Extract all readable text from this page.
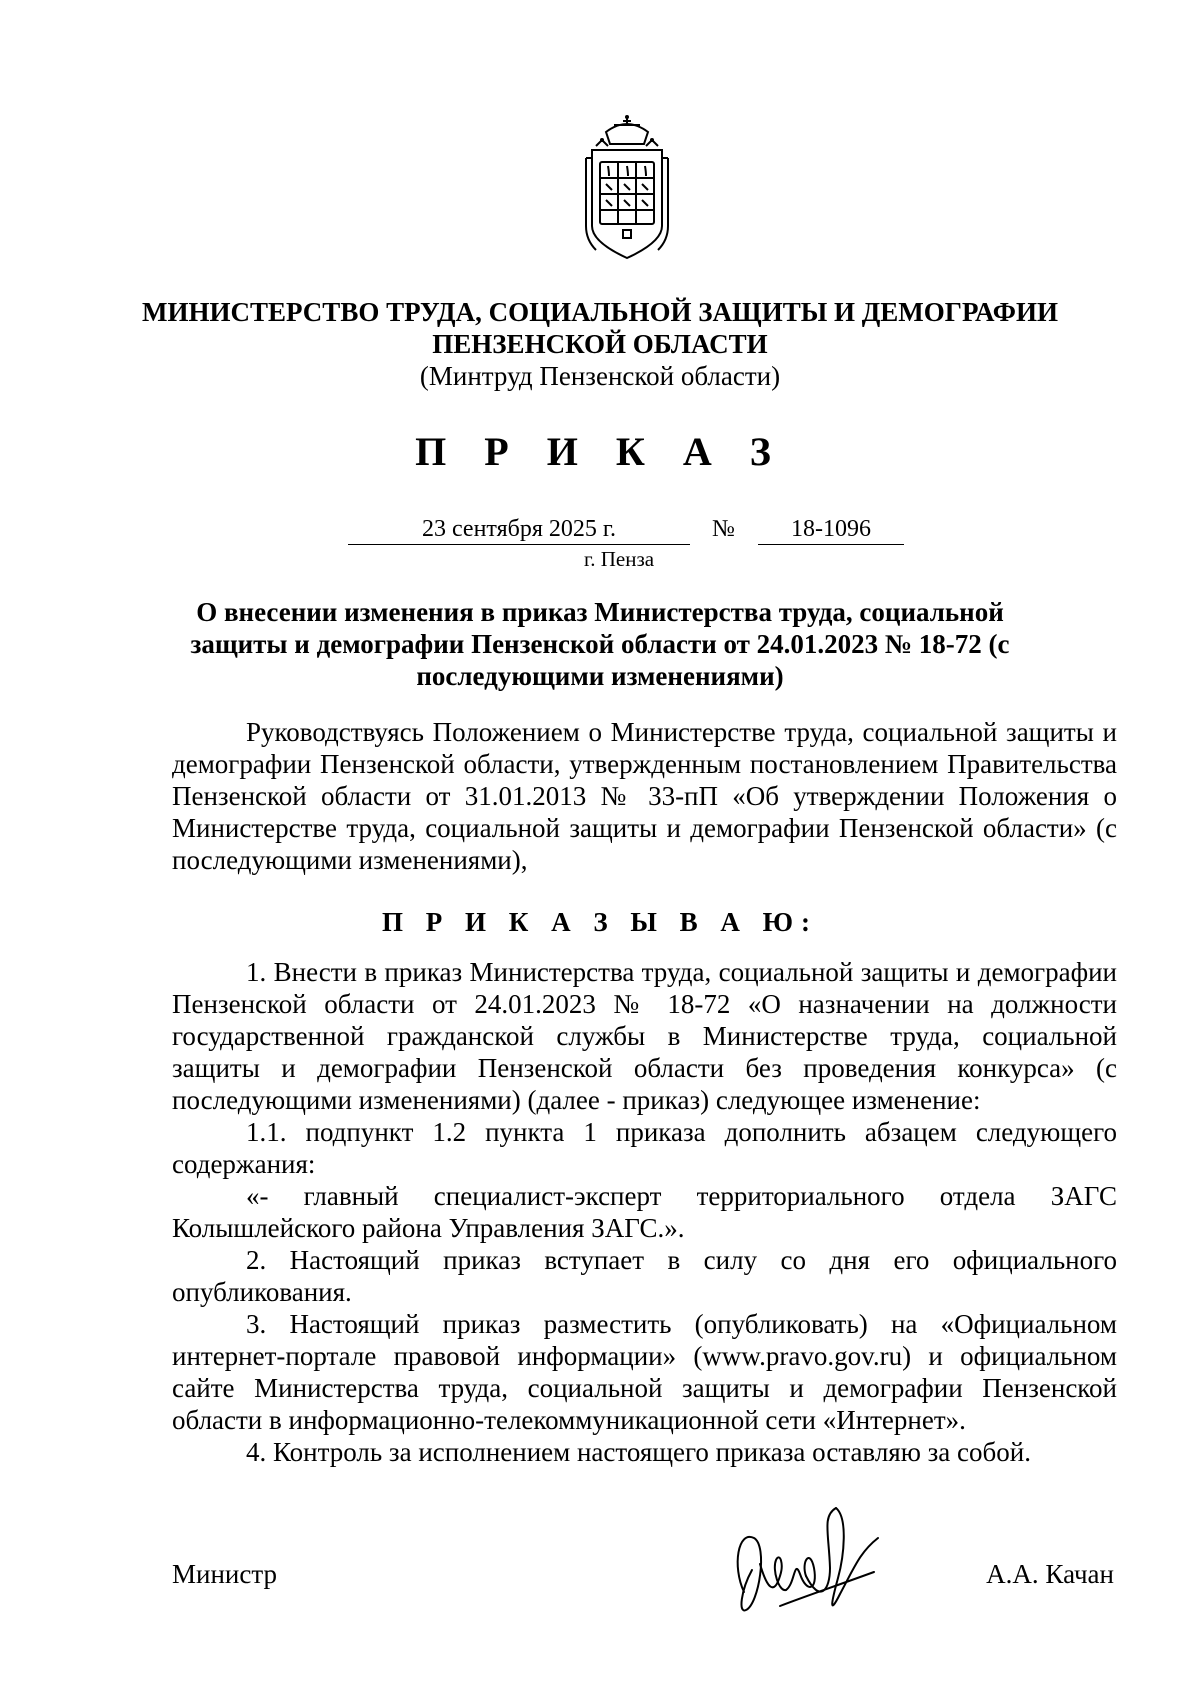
МИНИСТЕРСТВО ТРУДА, СОЦИАЛЬНОЙ ЗАЩИТЫ И ДЕМОГРАФИИ
ПЕНЗЕНСКОЙ ОБЛАСТИ
(Минтруд Пензенской области)
П Р И К А З
23 сентября 2025 г.	№	18-1096
г. Пенза
О внесении изменения в приказ Министерства труда, социальной защиты и демографии Пензенской области от 24.01.2023 № 18-72 (с последующими изменениями)
Руководствуясь Положением о Министерстве труда, социальной защиты и демографии Пензенской области, утвержденным постановлением Правительства Пензенской области от 31.01.2013 № 33-пП «Об утверждении Положения о Министерстве труда, социальной защиты и демографии Пензенской области» (с последующими изменениями),
П Р И К А З Ы В А Ю:

1. Внести в приказ Министерства труда, социальной защиты и демографии Пензенской области от 24.01.2023 № 18-72 «О назначении на должности государственной гражданской службы в Министерстве труда, социальной защиты и демографии Пензенской области без проведения конкурса» (с последующими изменениями) (далее - приказ) следующее изменение:

1.1. подпункт 1.2 пункта 1 приказа дополнить абзацем следующего содержания:

«- главный специалист-эксперт территориального отдела ЗАГС Колышлейского района Управления ЗАГС.».

2. Настоящий приказ вступает в силу со дня его официального опубликования.

3. Настоящий приказ разместить (опубликовать) на «Официальном интернет-портале правовой информации» (www.pravo.gov.ru) и официальном сайте Министерства труда, социальной защиты и демографии Пензенской области в информационно-телекоммуникационной сети «Интернет».

4. Контроль за исполнением настоящего приказа оставляю за собой.

Министр	А.А. Качан
